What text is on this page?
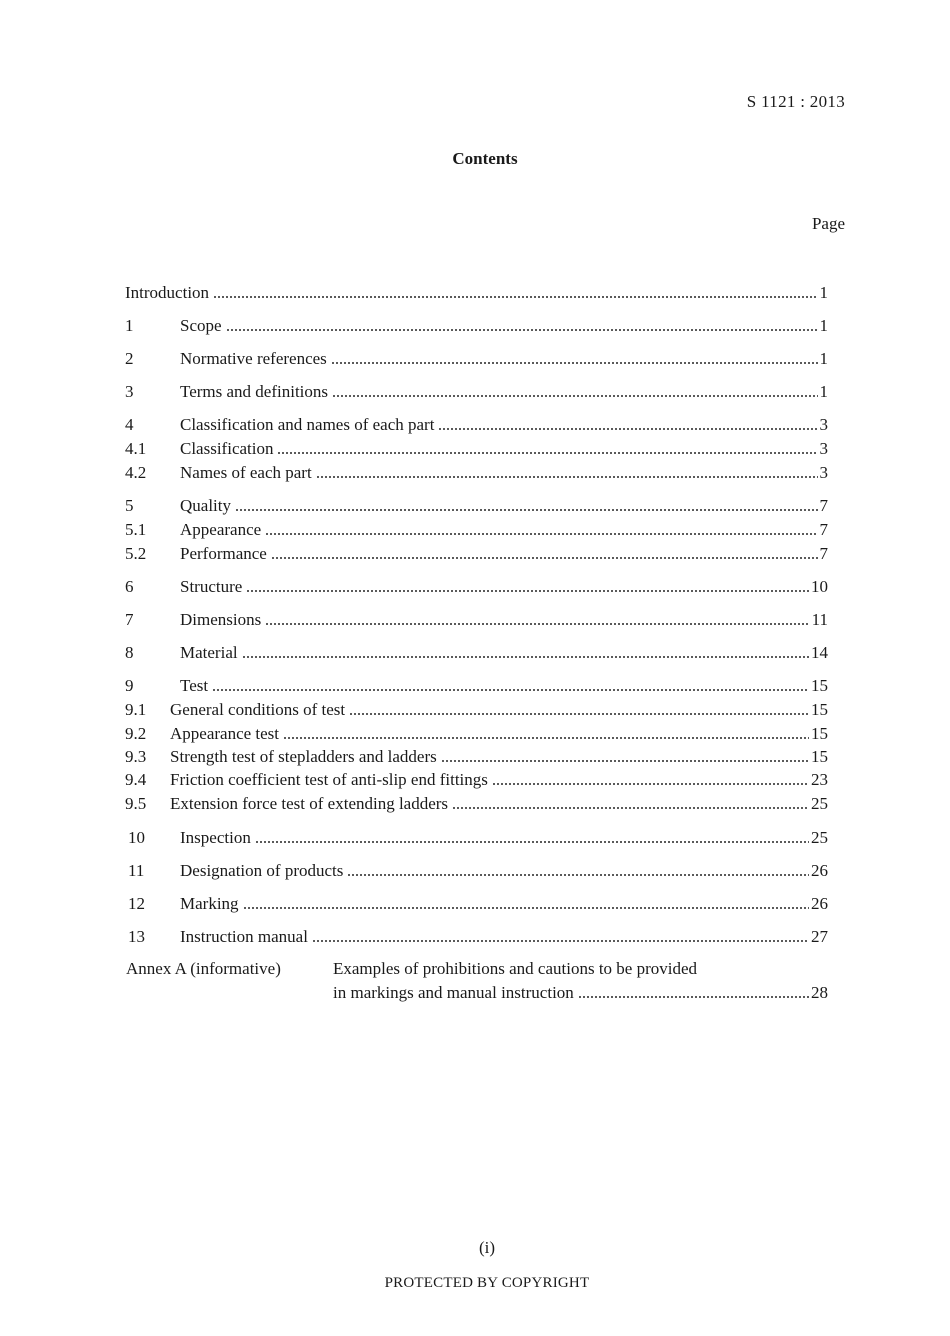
S 1121 : 2013
Contents
Page
Introduction	1
1	Scope	1
2	Normative references	1
3	Terms and definitions	1
4	Classification and names of each part	3
4.1	Classification	3
4.2	Names of each part	3
5	Quality	7
5.1	Appearance	7
5.2	Performance	7
6	Structure	10
7	Dimensions	11
8	Material	14
9	Test	15
9.1	General conditions of test	15
9.2	Appearance test	15
9.3	Strength test of stepladders and ladders	15
9.4	Friction coefficient test of anti-slip end fittings	23
9.5	Extension force test of extending ladders	25
10	Inspection	25
11	Designation of products	26
12	Marking	26
13	Instruction manual	27
Annex A (informative)	Examples of prohibitions and cautions to be provided
in markings and manual instruction	28
(i)
PROTECTED BY COPYRIGHT
